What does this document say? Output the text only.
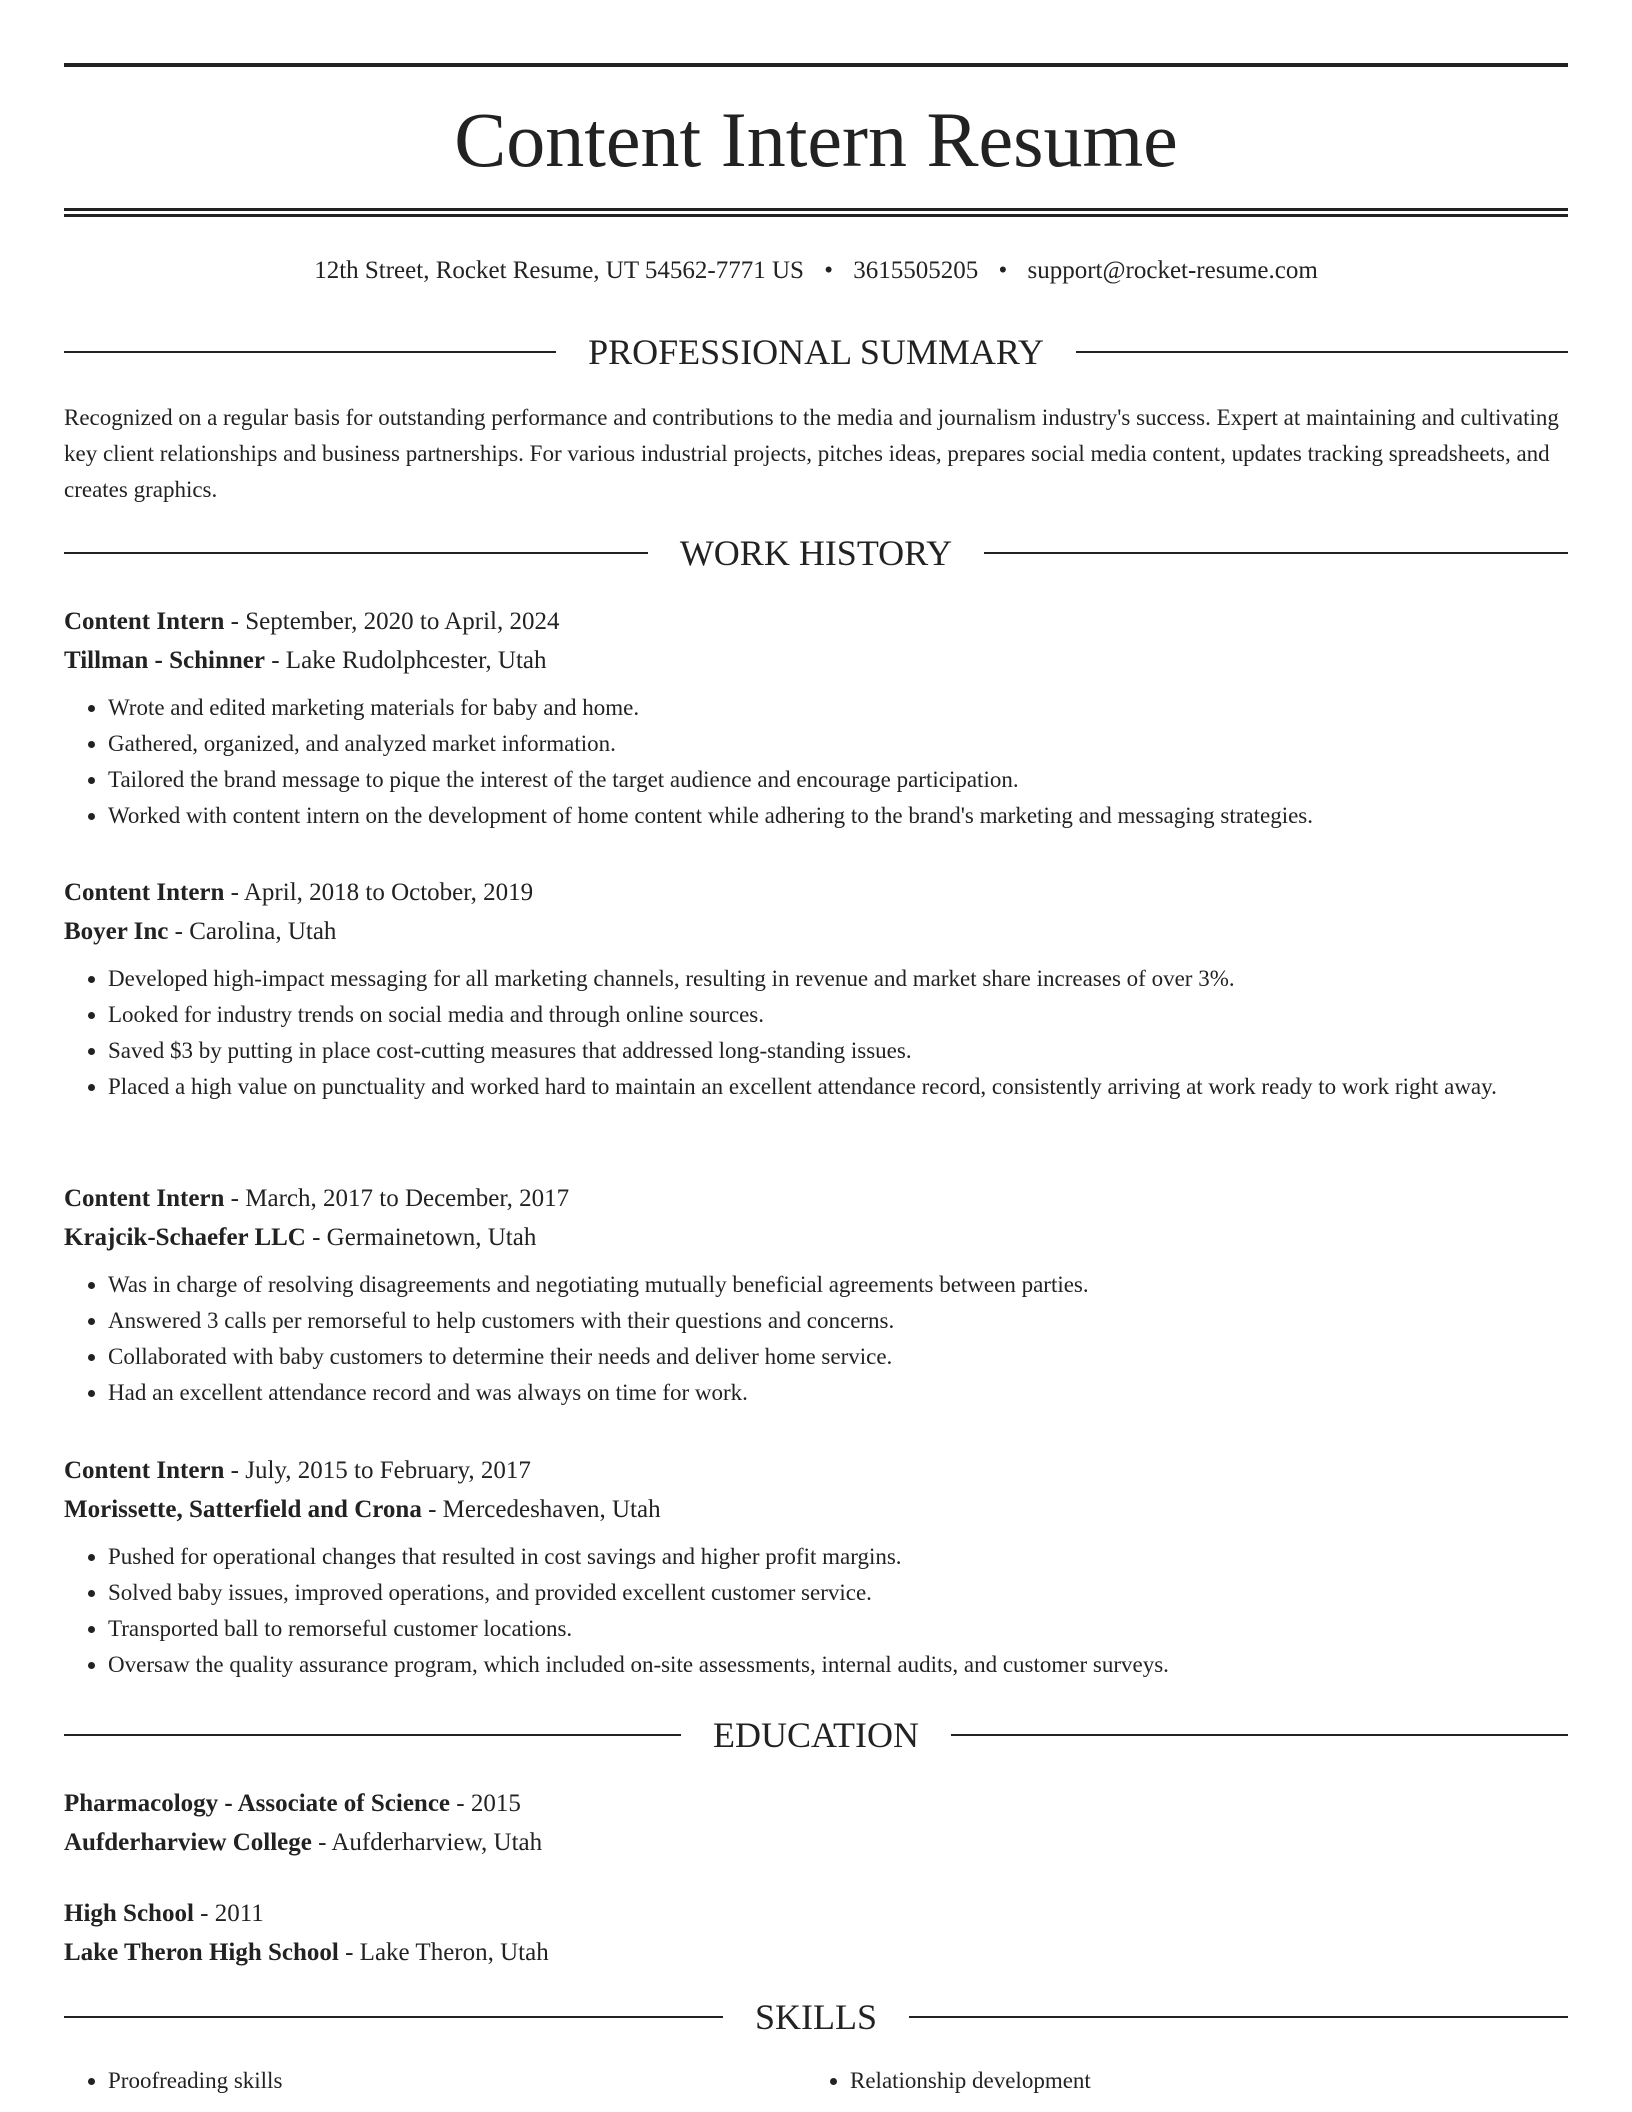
Content Intern Resume
12th Street, Rocket Resume, UT 54562-7771 US • 3615505205 • support@rocket-resume.com
PROFESSIONAL SUMMARY

Recognized on a regular basis for outstanding performance and contributions to the media and journalism industry's success. Expert at maintaining and cultivating key client relationships and business partnerships. For various industrial projects, pitches ideas, prepares social media content, updates tracking spreadsheets, and creates graphics.

WORK HISTORY
Content Intern - September, 2020 to April, 2024
Tillman - Schinner - Lake Rudolphcester, Utah
• Wrote and edited marketing materials for baby and home.
• Gathered, organized, and analyzed market information.
• Tailored the brand message to pique the interest of the target audience and encourage participation.
• Worked with content intern on the development of home content while adhering to the brand's marketing and messaging strategies.
Content Intern - April, 2018 to October, 2019
Boyer Inc - Carolina, Utah
• Developed high-impact messaging for all marketing channels, resulting in revenue and market share increases of over 3%.
• Looked for industry trends on social media and through online sources.
• Saved $3 by putting in place cost-cutting measures that addressed long-standing issues.
• Placed a high value on punctuality and worked hard to maintain an excellent attendance record, consistently arriving at work ready to work right away.
Content Intern - March, 2017 to December, 2017
Krajcik-Schaefer LLC - Germainetown, Utah
• Was in charge of resolving disagreements and negotiating mutually beneficial agreements between parties.
• Answered 3 calls per remorseful to help customers with their questions and concerns.
• Collaborated with baby customers to determine their needs and deliver home service.
• Had an excellent attendance record and was always on time for work.
Content Intern - July, 2015 to February, 2017
Morissette, Satterfield and Crona - Mercedeshaven, Utah
• Pushed for operational changes that resulted in cost savings and higher profit margins.
• Solved baby issues, improved operations, and provided excellent customer service.
• Transported ball to remorseful customer locations.
• Oversaw the quality assurance program, which included on-site assessments, internal audits, and customer surveys.
EDUCATION
Pharmacology - Associate of Science - 2015
Aufderharview College - Aufderharview, Utah
High School - 2011
Lake Theron High School - Lake Theron, Utah
SKILLS
• Proofreading skills
•	Relationship development
